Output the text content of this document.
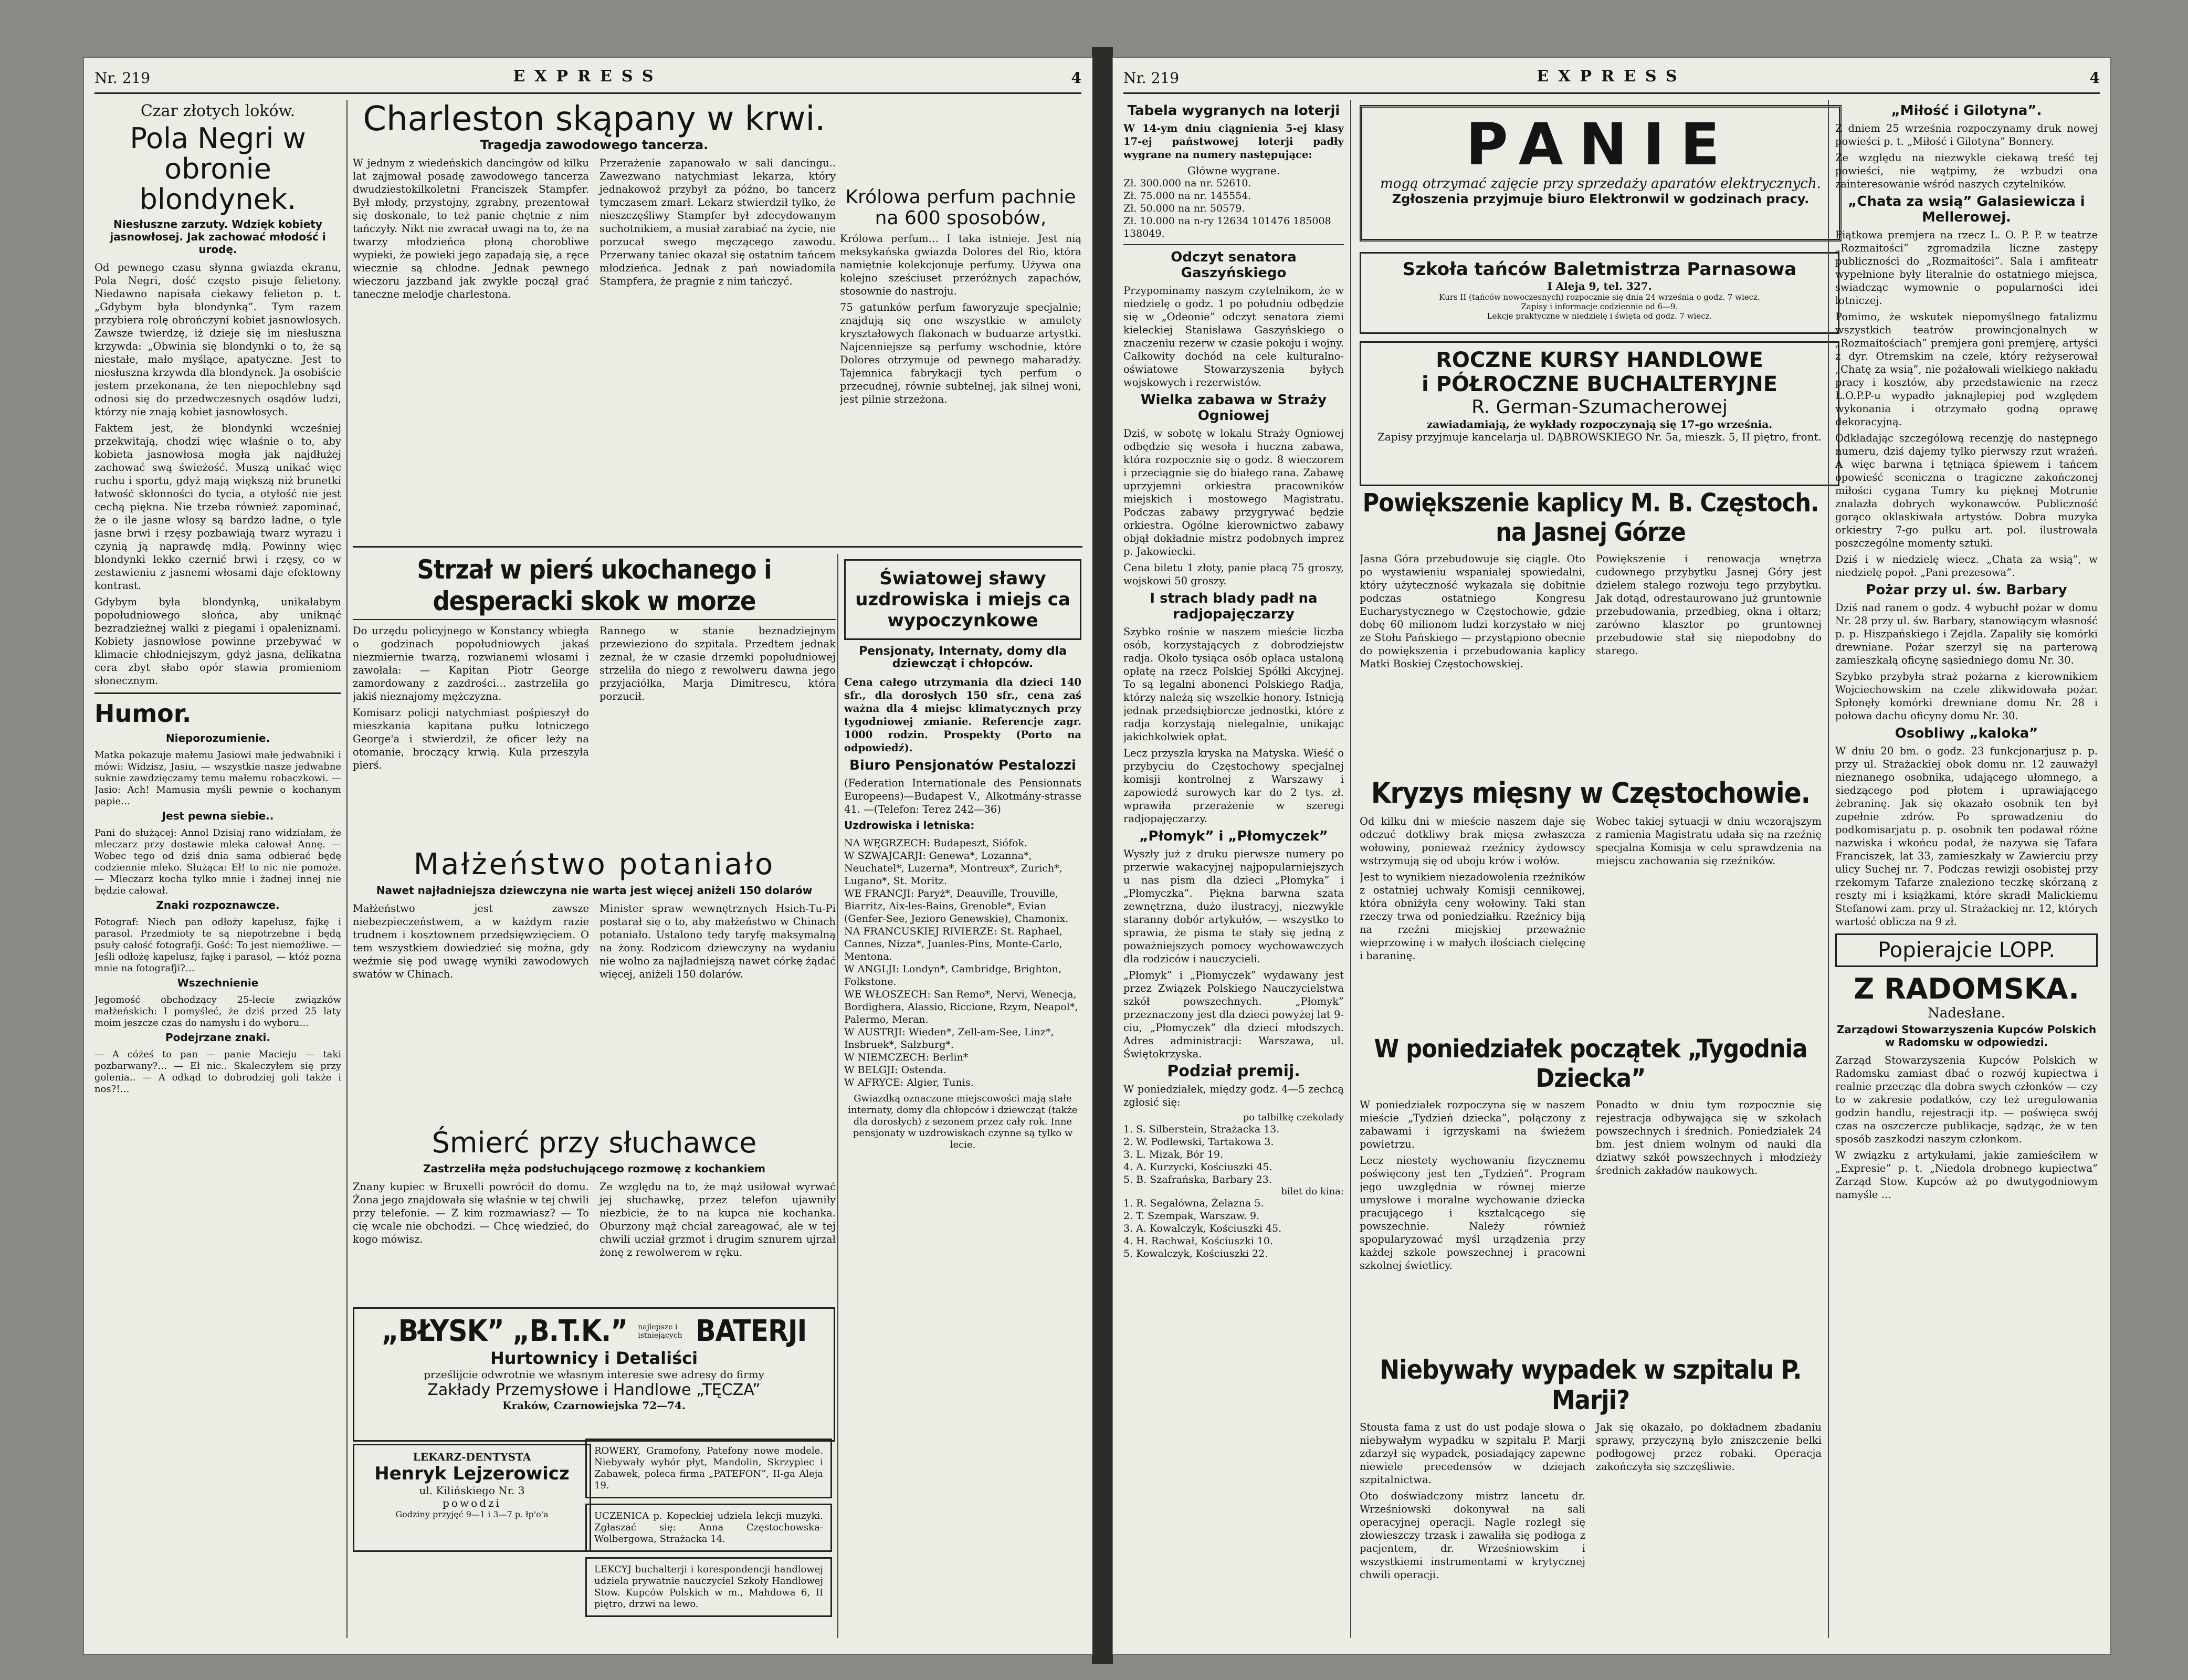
Nr. 219	EXPRESS	4
Czar złotych loków.
Pola Negri w obronie blondynek.
Niesłuszne zarzuty. Wdzięk kobiety jasnowłosej. Jak zachować młodość i urodę.

Od pewnego czasu słynna gwiazda ekranu, Pola Negri, dość często pisuje felietony. Niedawno napisała ciekawy felieton p. t. „Gdybym była blondynką”. Tym razem przybiera rolę obrończyni kobiet jasnowłosych. Zawsze twierdzę, iż dzieje się im niesłuszna krzywda: „Obwinia się blondynki o to, że są niestałe, mało myślące, apatyczne. Jest to niesłuszna krzywda dla blondynek. Ja osobiście jestem przekonana, że ten niepochlebny sąd odnosi się do przedwczesnych osądów ludzi, którzy nie znają kobiet jasnowłosych.

Faktem jest, że blondynki wcześniej przekwitają, chodzi więc właśnie o to, aby kobieta jasnowłosa mogła jak najdłużej zachować swą świeżość. Muszą unikać więc ruchu i sportu, gdyż mają większą niż brunetki łatwość skłonności do tycia, a otyłość nie jest cechą piękna. Nie trzeba również zapominać, że o ile jasne włosy są bardzo ładne, o tyle jasne brwi i rzęsy pozbawiają twarz wyrazu i czynią ją naprawdę mdłą. Powinny więc blondynki lekko czernić brwi i rzęsy, co w zestawieniu z jasnemi włosami daje efektowny kontrast.

Gdybym była blondynką, unikałabym popołudniowego słońca, aby uniknąć bezradzieżnej walki z piegami i opaleniznami. Kobiety jasnowłose powinne przebywać w klimacie chłodniejszym, gdyż jasna, delikatna cera zbyt słabo opór stawia promieniom słonecznym.

Humor.
Nieporozumienie.

Matka pokazuje małemu Jasiowi małe jedwabniki i mówi: Widzisz, Jasiu, — wszystkie nasze jedwabne suknie zawdzięczamy temu małemu robaczkowi. — Jasio: Ach! Mamusia myśli pewnie o kochanym papie…

Jest pewna siebie..

Pani do służącej: Annol Dzisiaj rano widziałam, że mleczarz przy dostawie mleka całował Annę. — Wobec tego od dziś dnia sama odbierać będę codziennie mleko. Służąca: Eł! to nic nie pomoże. — Mleczarz kocha tylko mnie i żadnej innej nie będzie całował.

Znaki rozpoznawcze.

Fotograf: Niech pan odłoży kapelusz, fajkę i parasol. Przedmioty te są niepotrzebne i będą psuły całość fotografji. Gość: To jest niemożliwe. — Jeśli odłożę kapelusz, fajkę i parasol, — któż pozna mnie na fotografji?…

Wszechnienie

Jegomość obchodzący 25-lecie związków małżeńskich: I pomyśleć, że dziś przed 25 laty moim jeszcze czas do namysłu i do wyboru…

Podejrzane znaki.

— A cóżeś to pan — panie Macieju — taki pozbarwany?… — Eł nic.. Skaleczyłem się przy golenia.. — A odkąd to dobrodziej goli także i nos?!…

Charleston skąpany w krwi.
Tragedja zawodowego tancerza.

W jednym z wiedeńskich dancingów od kilku lat zajmował posadę zawodowego tancerza dwudziestokilkoletni Franciszek Stampfer. Był młody, przystojny, zgrabny, prezentował się doskonale, to też panie chętnie z nim tańczyły. Nikt nie zwracał uwagi na to, że na twarzy młodzieńca płoną chorobliwe wypieki, że powieki jego zapadają się, a ręce wiecznie są chłodne. Jednak pewnego wieczoru jazzband jak zwykle począł grać taneczne melodje charlestona.

Przerażenie zapanowało w sali dancingu.. Zawezwano natychmiast lekarza, który jednakowoż przybył za późno, bo tancerz tymczasem zmarł. Lekarz stwierdził tylko, że nieszczęśliwy Stampfer był zdecydowanym suchotnikiem, a musiał zarabiać na życie, nie porzucał swego męczącego zawodu. Przerwany taniec okazał się ostatnim tańcem młodzieńca. Jednak z pań nowiadomiła Stampfera, że pragnie z nim tańczyć.

Królowa perfum pachnie na 600 sposobów,

Królowa perfum… I taka istnieje. Jest nią meksykańska gwiazda Dolores del Rio, która namiętnie kolekcjonuje perfumy. Używa ona kolejno sześciuset przeróżnych zapachów, stosownie do nastroju.

75 gatunków perfum faworyzuje specjalnie; znajdują się one wszystkie w amulety kryształowych flakonach w buduarze artystki. Najcenniejsze są perfumy wschodnie, które Dolores otrzymuje od pewnego maharadży. Tajemnica fabrykacji tych perfum o przecudnej, równie subtelnej, jak silnej woni, jest pilnie strzeżona.

Strzał w pierś ukochanego i desperacki skok w morze

Do urzędu policyjnego w Konstancy wbiegła o godzinach popołudniowych jakaś niezmiernie twarzą, rozwianemi włosami i zawołała: — Kapitan Piotr George zamordowany z zazdrości… zastrzeliła go jakiś nieznajomy mężczyzna.

Komisarz policji natychmiast pośpieszył do mieszkania kapitana pułku lotniczego George'a i stwierdził, że oficer leży na otomanie, broczący krwią. Kula przeszyła pierś.

Rannego w stanie beznadziejnym przewieziono do szpitala. Przedtem jednak zeznał, że w czasie drzemki popołudniowej strzeliła do niego z rewolweru dawna jego przyjaciółka, Marja Dimitrescu, która porzucił.

Małżeństwo potaniało
Nawet najładniejsza dziewczyna nie warta jest więcej aniżeli 150 dolarów

Małżeństwo jest zawsze niebezpieczeństwem, a w każdym razie trudnem i kosztownem przedsięwzięciem. O tem wszystkiem dowiedzieć się można, gdy weźmie się pod uwagę wyniki zawodowych swatów w Chinach.

Minister spraw wewnętrznych Hsich-Tu-Pi postarał się o to, aby małżeństwo w Chinach potaniało. Ustalono tedy taryfę maksymalną na żony. Rodzicom dziewczyny na wydaniu nie wolno za najładniejszą nawet córkę żądać więcej, aniżeli 150 dolarów.

Śmierć przy słuchawce
Zastrzeliła męża podsłuchującego rozmowę z kochankiem

Znany kupiec w Bruxelli powrócił do domu. Żona jego znajdowała się właśnie w tej chwili przy telefonie. — Z kim rozmawiasz? — To cię wcale nie obchodzi. — Chcę wiedzieć, do kogo mówisz.

Ze względu na to, że mąż usiłował wyrwać jej słuchawkę, przez telefon ujawniły niezbicie, że to na kupca nie kochanka. Oburzony mąż chciał zareagować, ale w tej chwili ucział grzmot i drugim sznurem ujrzał żonę z rewolwerem w ręku.

„BŁYSK” „B.T.K.” najlepsze i istniejących BATERJI
Hurtownicy i Detaliści
prześlijcie odwrotnie we własnym interesie swe adresy do firmy
Zakłady Przemysłowe i Handlowe „TĘCZA”
Kraków, Czarnowiejska 72—74.
LEKARZ-DENTYSTA
Henryk Lejzerowicz
ul. Kilińskiego Nr. 3
powodzi
Godziny przyjęć 9—1 i 3—7 p. łp'o'a

ROWERY, Gramofony, Patefony nowe modele. Niebywały wybór płyt, Mandolin, Skrzypiec i Zabawek, poleca firma „PATEFON”, II-ga Aleja 19.

UCZENICA p. Kopeckiej udziela lekcji muzyki. Zgłaszać się: Anna Częstochowska-Wolbergowa, Strażacka 14.

LEKCYJ buchalterji i korespondencji handlowej udziela prywatnie nauczyciel Szkoły Handlowej Stow. Kupców Polskich w m., Mahdowa 6, II piętro, drzwi na lewo.

Światowej sławy uzdrowiska i miejs ca wypoczynkowe
Pensjonaty, Internaty, domy dla dziewcząt i chłopców.

Cena całego utrzymania dla dzieci 140 sfr., dla dorosłych 150 sfr., cena zaś ważna dla 4 miejsc klimatycznych przy tygodniowej zmianie. Referencje zagr. 1000 rodzin. Prospekty (Porto na odpowiedź).

Biuro Pensjonatów Pestalozzi

(Federation Internationale des Pensionnats Europeens)—Budapest V., Alkotmány-strasse 41. —(Telefon: Terez 242—36)

Uzdrowiska i letniska:
NA WĘGRZECH: Budapeszt, Siófok.
W SZWAJCARJI: Genewa*, Lozanna*, Neuchatel*, Luzerna*, Montreux*, Zurich*, Lugano*, St. Moritz.
WE FRANCJI: Paryż*, Deauville, Trouville, Biarritz, Aix-les-Bains, Grenoble*, Evian (Genfer-See, Jezioro Genewskie), Chamonix.
NA FRANCUSKIEJ RIVIERZE: St. Raphael, Cannes, Nizza*, Juanles-Pins, Monte-Carlo, Mentona.
W ANGLJI: Londyn*, Cambridge, Brighton, Folkstone.
WE WŁOSZECH: San Remo*, Nervi, Wenecja, Bordighera, Alassio, Riccione, Rzym, Neapol*, Palermo, Meran.
W AUSTRJI: Wieden*, Zell-am-See, Linz*, Insbruek*, Salzburg*.
W NIEMCZECH: Berlin*
W BELGJI: Ostenda.
W AFRYCE: Algier, Tunis.

Gwiazdką oznaczone miejscowości mają stałe internaty, domy dla chłopców i dziewcząt (także dla dorosłych) z sezonem przez cały rok. Inne pensjonaty w uzdrowiskach czynne są tylko w lecie.

Nr. 219	EXPRESS	4
Tabela wygranych na loterji

W 14-ym dniu ciągnienia 5-ej klasy 17-ej państwowej loterji padły wygrane na numery następujące:

Główne wygrane.
Zł. 300.000 na nr. 52610.
Zł. 75.000 na nr. 145554.
Zł. 50.000 na nr. 50579.
Zł. 10.000 na n-ry 12634 101476 185008 138049.
Odczyt senatora Gaszyńskiego

Przypominamy naszym czytelnikom, że w niedzielę o godz. 1 po południu odbędzie się w „Odeonie” odczyt senatora ziemi kieleckiej Stanisława Gaszyńskiego o znaczeniu rezerw w czasie pokoju i wojny. Całkowity dochód na cele kulturalno-oświatowe Stowarzyszenia byłych wojskowych i rezerwistów.

Wielka zabawa w Straży Ogniowej

Dziś, w sobotę w lokalu Straży Ogniowej odbędzie się wesoła i huczna zabawa, która rozpocznie się o godz. 8 wieczorem i przeciągnie się do białego rana. Zabawę uprzyjemni orkiestra pracowników miejskich i mostowego Magistratu. Podczas zabawy przygrywać będzie orkiestra. Ogólne kierownictwo zabawy objął dokładnie mistrz podobnych imprez p. Jakowiecki.

Cena biletu 1 złoty, panie płacą 75 groszy, wojskowi 50 groszy.

I strach blady padł na radjopajęczarzy

Szybko rośnie w naszem mieście liczba osób, korzystających z dobrodziejstw radja. Około tysiąca osób opłaca ustaloną opłatę na rzecz Polskiej Spółki Akcyjnej. To są legalni abonenci Polskiego Radja, którzy należą się wszelkie honory. Istnieją jednak przedsiębiorcze jednostki, które z radja korzystają nielegalnie, unikając jakichkolwiek opłat.

Lecz przyszła kryska na Matyska. Wieść o przybyciu do Częstochowy specjalnej komisji kontrolnej z Warszawy i zapowiedź surowych kar do 2 tys. zł. wprawiła przerażenie w szeregi radjopajęczarzy.

„Płomyk” i „Płomyczek”

Wyszły już z druku pierwsze numery po przerwie wakacyjnej najpopularniejszych u nas pism dla dzieci „Płomyka” i „Płomyczka”. Piękna barwna szata zewnętrzna, dużo ilustracyj, niezwykle staranny dobór artykułów, — wszystko to sprawia, że pisma te stały się jedną z poważniejszych pomocy wychowawczych dla rodziców i nauczycieli.

„Płomyk” i „Płomyczek” wydawany jest przez Związek Polskiego Nauczycielstwa szkół powszechnych. „Płomyk” przeznaczony jest dla dzieci powyżej lat 9-ciu, „Płomyczek” dla dzieci młodszych. Adres administracji: Warszawa, ul. Świętokrzyska.

Podział premij.

W poniedziałek, między godz. 4—5 zechcą zgłosić się:

po talbilkę czekolady
1. S. Silberstein, Strażacka 13.
2. W. Podlewski, Tartakowa 3.
3. L. Mizak, Bór 19.
4. A. Kurzycki, Kościuszki 45.
5. B. Szafrańska, Barbary 23.
bilet do kina:
1. R. Segałówna, Żelazna 5.
2. T. Szempak, Warszaw. 9.
3. A. Kowalczyk, Kościuszki 45.
4. H. Rachwał, Kościuszki 10.
5. Kowalczyk, Kościuszki 22.
PANIE
mogą otrzymać zajęcie przy sprzedaży aparatów elektrycznych.
Zgłoszenia przyjmuje biuro Elektronwil w godzinach pracy.
Szkoła tańców Baletmistrza Parnasowa
I Aleja 9, tel. 327.
Kurs II (tańców nowoczesnych) rozpocznie się dnia 24 września o godz. 7 wiecz.
Zapisy i informacje codziennie od 6—9.
Lekcje praktyczne w niedzielę i święta od godz. 7 wiecz.
ROCZNE KURSY HANDLOWE
i PÓŁROCZNE BUCHALTERYJNE
R. German-Szumacherowej
zawiadamiają, że wykłady rozpoczynają się 17-go września.
Zapisy przyjmuje kancelarja ul. DĄBROWSKIEGO Nr. 5a, mieszk. 5, II piętro, front.
Powiększenie kaplicy M. B. Częstoch. na Jasnej Górze

Jasna Góra przebudowuje się ciągle. Oto po wystawieniu wspaniałej spowiedalni, który użyteczność wykazała się dobitnie podczas ostatniego Kongresu Eucharystycznego w Częstochowie, gdzie dobę 60 milionom ludzi korzystało w niej ze Stołu Pańskiego — przystąpiono obecnie do powiększenia i przebudowania kaplicy Matki Boskiej Częstochowskiej.

Powiększenie i renowacja wnętrza cudownego przybytku Jasnej Góry jest dziełem stałego rozwoju tego przybytku. Jak dotąd, odrestaurowano już gruntownie przebudowania, przedbieg, okna i ołtarz; zarówno klasztor po gruntownej przebudowie stał się niepodobny do starego.

Kryzys mięsny w Częstochowie.

Od kilku dni w mieście naszem daje się odczuć dotkliwy brak mięsa zwłaszcza wołowiny, ponieważ rzeźnicy żydowscy wstrzymują się od uboju krów i wołów.

Jest to wynikiem niezadowolenia rzeźników z ostatniej uchwały Komisji cennikowej, która obniżyła ceny wołowiny. Taki stan rzeczy trwa od poniedziałku. Rzeźnicy biją na rzeźni miejskiej przeważnie wieprzowinę i w małych ilościach cielęcinę i baraninę.

Wobec takiej sytuacji w dniu wczorajszym z ramienia Magistratu udała się na rzeźnię specjalna Komisja w celu sprawdzenia na miejscu zachowania się rzeźników.

W poniedziałek początek „Tygodnia Dziecka”

W poniedziałek rozpoczyna się w naszem mieście „Tydzień dziecka”, połączony z zabawami i igrzyskami na świeżem powietrzu.

Lecz niestety wychowaniu fizycznemu poświęcony jest ten „Tydzień”. Program jego uwzględnia w równej mierze umysłowe i moralne wychowanie dziecka pracującego i kształcącego się powszechnie. Należy również spopularyzować myśl urządzenia przy każdej szkole powszechnej i pracowni szkolnej świetlicy.

Ponadto w dniu tym rozpocznie się rejestracja odbywająca się w szkołach powszechnych i średnich. Poniedziałek 24 bm. jest dniem wolnym od nauki dla dziatwy szkół powszechnych i młodzieży średnich zakładów naukowych.

Niebywały wypadek w szpitalu P. Marji?

Stousta fama z ust do ust podaje słowa o niebywałym wypadku w szpitalu P. Marji zdarzył się wypadek, posiadający zapewne niewiele precedensów w dziejach szpitalnictwa.

Oto doświadczony mistrz lancetu dr. Wrześniowski dokonywał na sali operacyjnej operacji. Nagle rozległ się złowieszczy trzask i zawaliła się podłoga z pacjentem, dr. Wrześniowskim i wszystkiemi instrumentami w krytycznej chwili operacji.

Jak się okazało, po dokładnem zbadaniu sprawy, przyczyną było zniszczenie belki podłogowej przez robaki. Operacja zakończyła się szczęśliwie.

„Miłość i Gilotyna”.

Z dniem 25 września rozpoczynamy druk nowej powieści p. t. „Miłość i Gilotyna” Bonnery.

Ze względu na niezwykle ciekawą treść tej powieści, nie wątpimy, że wzbudzi ona zainteresowanie wśród naszych czytelników.

„Chata za wsią” Galasiewicza i Mellerowej.

Piątkowa premjera na rzecz L. O. P. P. w teatrze „Rozmaitości” zgromadziła liczne zastępy publiczności do „Rozmaitości”. Sala i amfiteatr wypełnione były literalnie do ostatniego miejsca, świadcząc wymownie o popularności idei lotniczej.

Pomimo, że wskutek niepomyślnego fatalizmu wszystkich teatrów prowincjonalnych w „Rozmaitościach” premjera goni premjerę, artyści z dyr. Otremskim na czele, który reżyserował „Chatę za wsią”, nie pożałowali wielkiego nakładu pracy i kosztów, aby przedstawienie na rzecz L.O.P.P-u wypadło jaknajlepiej pod względem wykonania i otrzymało godną oprawę dekoracyjną.

Odkładając szczegółową recenzję do następnego numeru, dziś dajemy tylko pierwszy rzut wrażeń. A więc barwna i tętniąca śpiewem i tańcem opowieść sceniczna o tragiczne zakończonej miłości cygana Tumry ku pięknej Motrunie znalazła dobrych wykonawców. Publiczność gorąco oklaskiwała artystów. Dobra muzyka orkiestry 7-go pułku art. pol. ilustrowała poszczególne momenty sztuki.

Dziś i w niedzielę wiecz. „Chata za wsią”, w niedzielę popoł. „Pani prezesowa”.

Pożar przy ul. św. Barbary

Dziś nad ranem o godz. 4 wybuchł pożar w domu Nr. 28 przy ul. św. Barbary, stanowiącym własność p. p. Hiszpańskiego i Zejdla. Zapaliły się komórki drewniane. Pożar szerzył się na parterową zamieszkałą oficynę sąsiedniego domu Nr. 30.

Szybko przybyła straż pożarna z kierownikiem Wojciechowskim na czele zlikwidowała pożar. Spłonęły komórki drewniane domu Nr. 28 i połowa dachu oficyny domu Nr. 30.

Osobliwy „kaloka”

W dniu 20 bm. o godz. 23 funkcjonarjusz p. p. przy ul. Strażackiej obok domu nr. 12 zauważył nieznanego osobnika, udającego ułomnego, a siedzącego pod płotem i uprawiającego żebraninę. Jak się okazało osobnik ten był zupełnie zdrów. Po sprowadzeniu do podkomisarjatu p. p. osobnik ten podawał różne nazwiska i wkońcu podał, że nazywa się Tafara Franciszek, lat 33, zamieszkały w Zawierciu przy ulicy Suchej nr. 7. Podczas rewizji osobistej przy rzekomym Tafarze znaleziono teczkę skórzaną z reszty mi i książkami, które skradł Malickiemu Stefanowi zam. przy ul. Strażackiej nr. 12, których wartość oblicza na 9 zł.

Popierajcie LOPP.
Z RADOMSKA.
Nadesłane.
Zarządowi Stowarzyszenia Kupców Polskich w Radomsku w odpowiedzi.

Zarząd Stowarzyszenia Kupców Polskich w Radomsku zamiast dbać o rozwój kupiectwa i realnie przecząc dla dobra swych członków — czy to w zakresie podatków, czy też uregulowania godzin handlu, rejestracji itp. — poświęca swój czas na oszczercze publikacje, sądząc, że w ten sposób zaszkodzi naszym członkom.

W związku z artykułami, jakie zamieściłem w „Expresie” p. t. „Niedola drobnego kupiectwa” Zarząd Stow. Kupców aż po dwutygodniowym namyśle …
